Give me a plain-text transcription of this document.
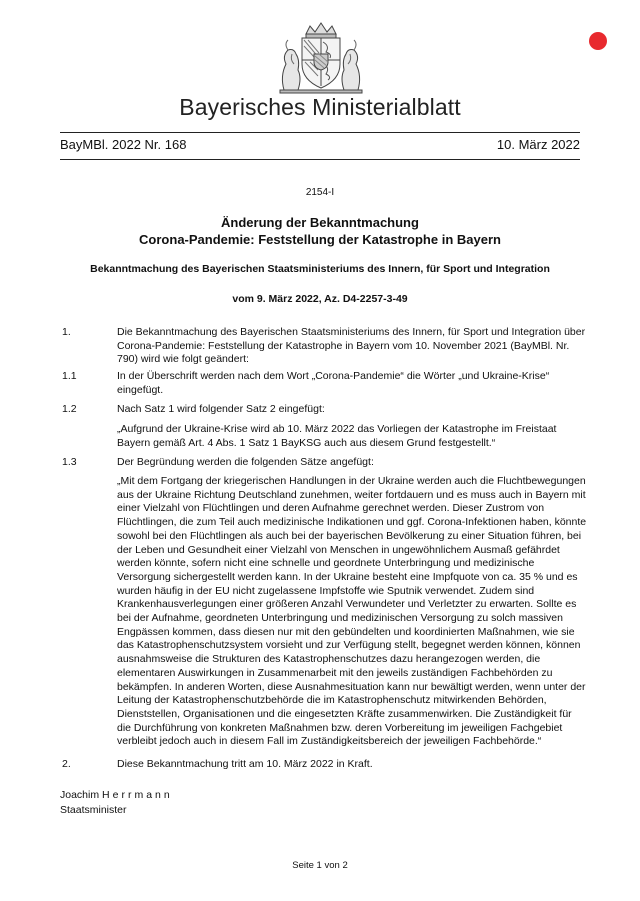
Bayerisches Ministerialblatt
BayMBl. 2022 Nr. 168	10. März 2022
2154-I
Änderung der Bekanntmachung
Corona-Pandemie: Feststellung der Katastrophe in Bayern
Bekanntmachung des Bayerischen Staatsministeriums des Innern, für Sport und Integration
vom 9. März 2022, Az. D4-2257-3-49
1.	Die Bekanntmachung des Bayerischen Staatsministeriums des Innern, für Sport und Integration über Corona-Pandemie: Feststellung der Katastrophe in Bayern vom 10. November 2021 (BayMBl. Nr. 790) wird wie folgt geändert:
1.1	In der Überschrift werden nach dem Wort „Corona-Pandemie“ die Wörter „und Ukraine-Krise“ eingefügt.
1.2	Nach Satz 1 wird folgender Satz 2 eingefügt:
„Aufgrund der Ukraine-Krise wird ab 10. März 2022 das Vorliegen der Katastrophe im Freistaat Bayern gemäß Art. 4 Abs. 1 Satz 1 BayKSG auch aus diesem Grund festgestellt.“
1.3	Der Begründung werden die folgenden Sätze angefügt:
„Mit dem Fortgang der kriegerischen Handlungen in der Ukraine werden auch die Fluchtbewegungen aus der Ukraine Richtung Deutschland zunehmen, weiter fortdauern und es muss auch in Bayern mit einer Vielzahl von Flüchtlingen und deren Aufnahme gerechnet werden. Dieser Zustrom von Flüchtlingen, die zum Teil auch medizinische Indikationen und ggf. Corona-Infektionen haben, könnte sowohl bei den Flüchtlingen als auch bei der bayerischen Bevölkerung zu einer Situation führen, bei der Leben und Gesundheit einer Vielzahl von Menschen in ungewöhnlichem Ausmaß gefährdet werden könnte, sofern nicht eine schnelle und geordnete Unterbringung und medizinische Versorgung sichergestellt werden kann. In der Ukraine besteht eine Impfquote von ca. 35 % und es wurden häufig in der EU nicht zugelassene Impfstoffe wie Sputnik verwendet. Zudem sind Krankenhausverlegungen einer größeren Anzahl Verwundeter und Verletzter zu erwarten. Sollte es bei der Aufnahme, geordneten Unterbringung und medizinischen Versorgung zu solch massiven Engpässen kommen, dass diesen nur mit den gebündelten und koordinierten Maßnahmen, wie sie das Katastrophenschutzsystem vorsieht und zur Verfügung stellt, begegnet werden können, können ausnahmsweise die Strukturen des Katastrophenschutzes dazu herangezogen werden, die elementaren Auswirkungen in Zusammenarbeit mit den jeweils zuständigen Fachbehörden zu bekämpfen. In anderen Worten, diese Ausnahmesituation kann nur bewältigt werden, wenn unter der Leitung der Katastrophenschutzbehörde die im Katastrophenschutz mitwirkenden Behörden, Dienststellen, Organisationen und die eingesetzten Kräfte zusammenwirken. Die Zuständigkeit für die Durchführung von konkreten Maßnahmen bzw. deren Vorbereitung im jeweiligen Fachgebiet verbleibt jedoch auch in diesem Fall im Zuständigkeitsbereich der jeweiligen Fachbehörde.“
2.	Diese Bekanntmachung tritt am 10. März 2022 in Kraft.
Joachim Herrmann
Staatsminister
Seite 1 von 2
